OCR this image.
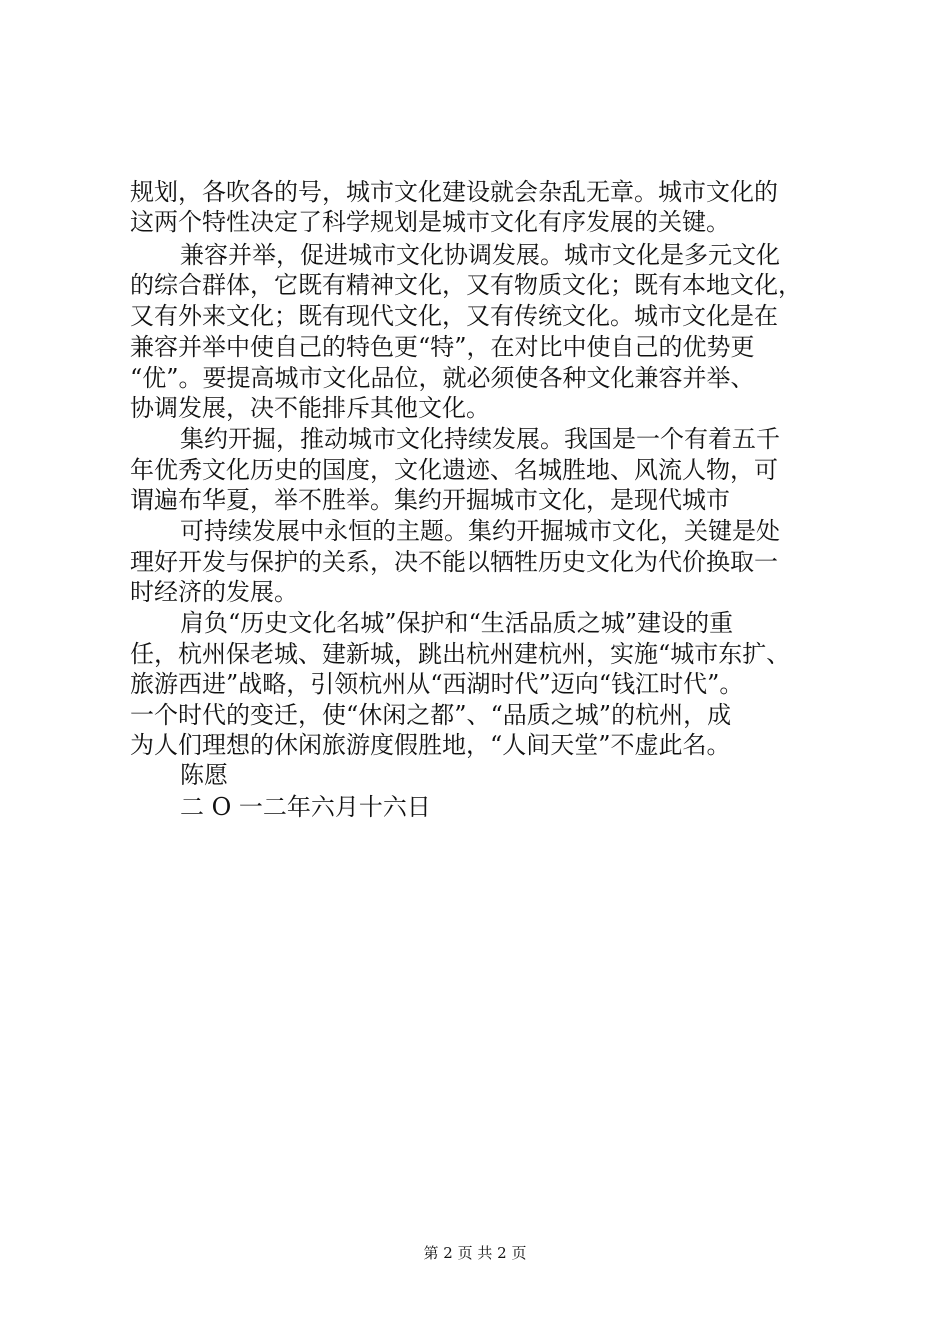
规划，各吹各的号，城市文化建设就会杂乱无章。城市文化的
这两个特性决定了科学规划是城市文化有序发展的关键。
兼容并举，促进城市文化协调发展。城市文化是多元文化
的综合群体，它既有精神文化，又有物质文化；既有本地文化，
又有外来文化；既有现代文化，又有传统文化。城市文化是在
兼容并举中使自己的特色更“特”，在对比中使自己的优势更
“优”。要提高城市文化品位，就必须使各种文化兼容并举、
协调发展，决不能排斥其他文化。
集约开掘，推动城市文化持续发展。我国是一个有着五千
年优秀文化历史的国度，文化遗迹、名城胜地、风流人物，可
谓遍布华夏，举不胜举。集约开掘城市文化，是现代城市
可持续发展中永恒的主题。集约开掘城市文化，关键是处
理好开发与保护的关系，决不能以牺牲历史文化为代价换取一
时经济的发展。
肩负“历史文化名城”保护和“生活品质之城”建设的重
任，杭州保老城、建新城，跳出杭州建杭州，实施“城市东扩、
旅游西进”战略，引领杭州从“西湖时代”迈向“钱江时代”。
一个时代的变迁，使“休闲之都”、“品质之城”的杭州，成
为人们理想的休闲旅游度假胜地，“人间天堂”不虚此名。
陈愿
二 O 一二年六月十六日
第 2 页 共 2 页
